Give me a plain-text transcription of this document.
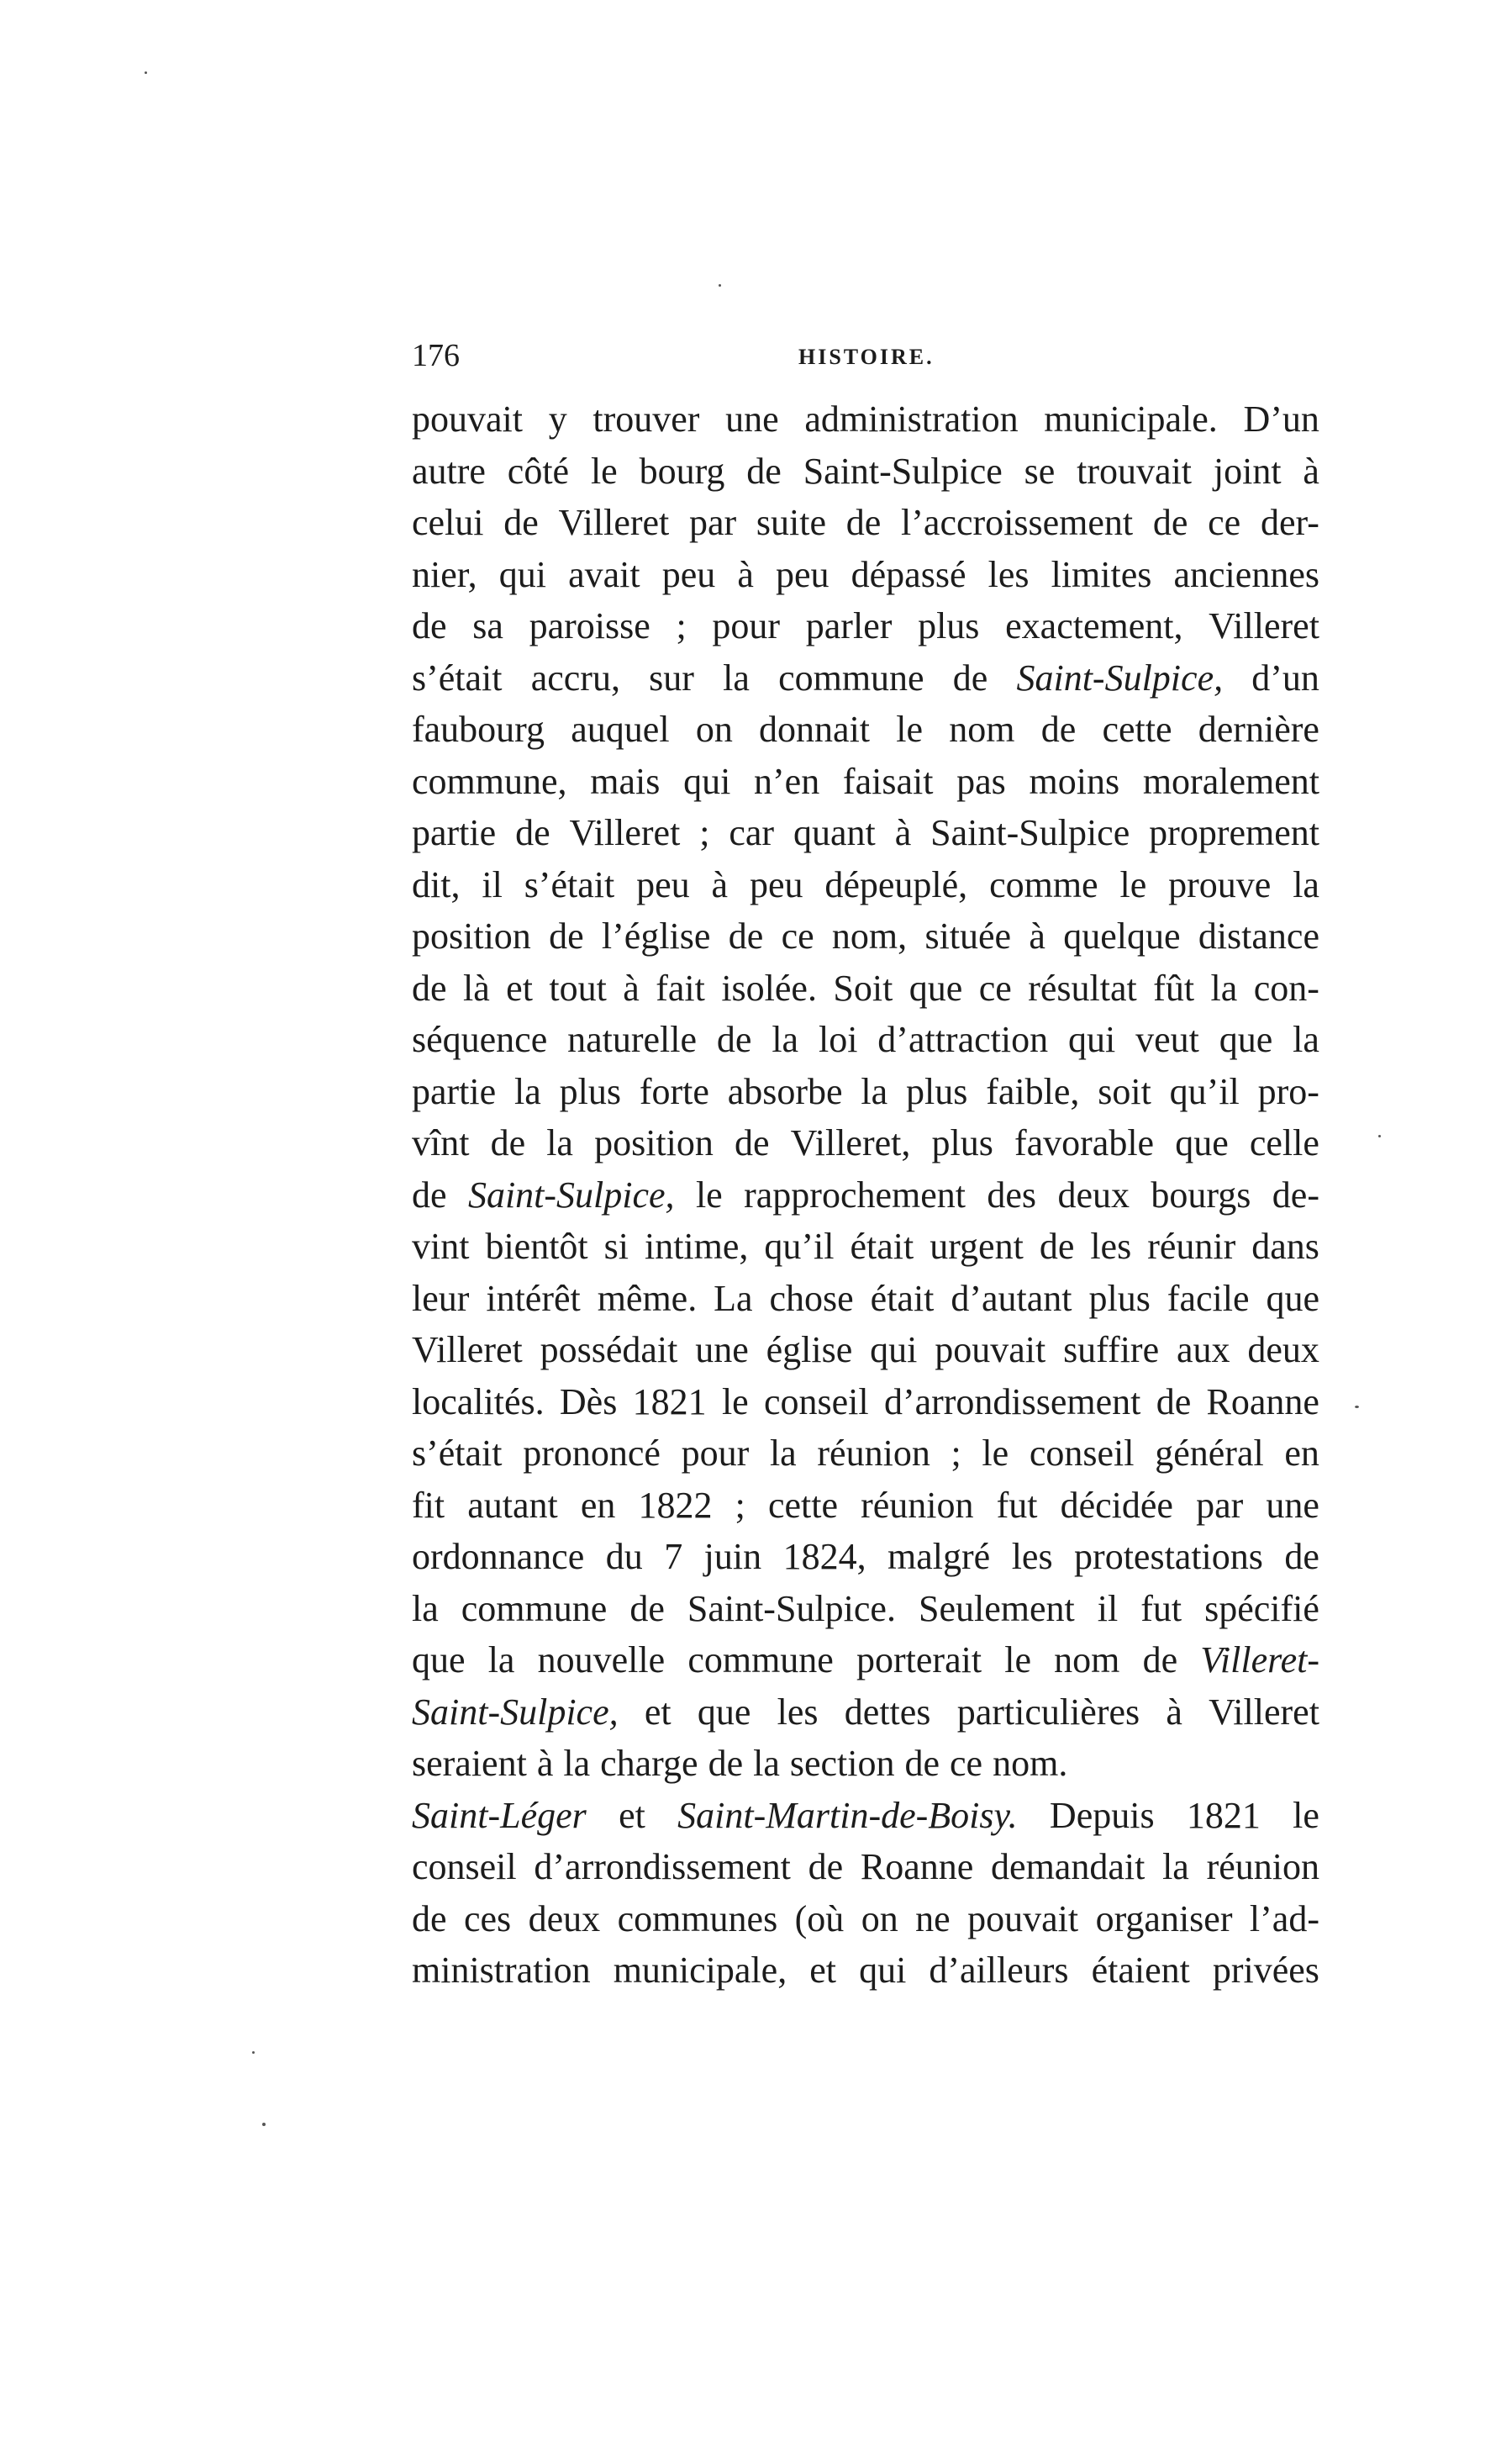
176	HISTOIRE.
pouvait y trouver une administration municipale. D’un
autre côté le bourg de Saint-Sulpice se trouvait joint à
celui de Villeret par suite de l’accroissement de ce der-
nier, qui avait peu à peu dépassé les limites anciennes
de sa paroisse ; pour parler plus exactement, Villeret
s’était accru, sur la commune de Saint-Sulpice, d’un
faubourg auquel on donnait le nom de cette dernière
commune, mais qui n’en faisait pas moins moralement
partie de Villeret ; car quant à Saint-Sulpice proprement
dit, il s’était peu à peu dépeuplé, comme le prouve la
position de l’église de ce nom, située à quelque distance
de là et tout à fait isolée. Soit que ce résultat fût la con-
séquence naturelle de la loi d’attraction qui veut que la
partie la plus forte absorbe la plus faible, soit qu’il pro-
vînt de la position de Villeret, plus favorable que celle
de Saint-Sulpice, le rapprochement des deux bourgs de-
vint bientôt si intime, qu’il était urgent de les réunir dans
leur intérêt même. La chose était d’autant plus facile que
Villeret possédait une église qui pouvait suffire aux deux
localités. Dès 1821 le conseil d’arrondissement de Roanne
s’était prononcé pour la réunion ; le conseil général en
fit autant en 1822 ; cette réunion fut décidée par une
ordonnance du 7 juin 1824, malgré les protestations de
la commune de Saint-Sulpice. Seulement il fut spécifié
que la nouvelle commune porterait le nom de Villeret-
Saint-Sulpice, et que les dettes particulières à Villeret
seraient à la charge de la section de ce nom.
Saint-Léger et Saint-Martin-de-Boisy. Depuis 1821 le
conseil d’arrondissement de Roanne demandait la réunion
de ces deux communes (où on ne pouvait organiser l’ad-
ministration municipale, et qui d’ailleurs étaient privées
